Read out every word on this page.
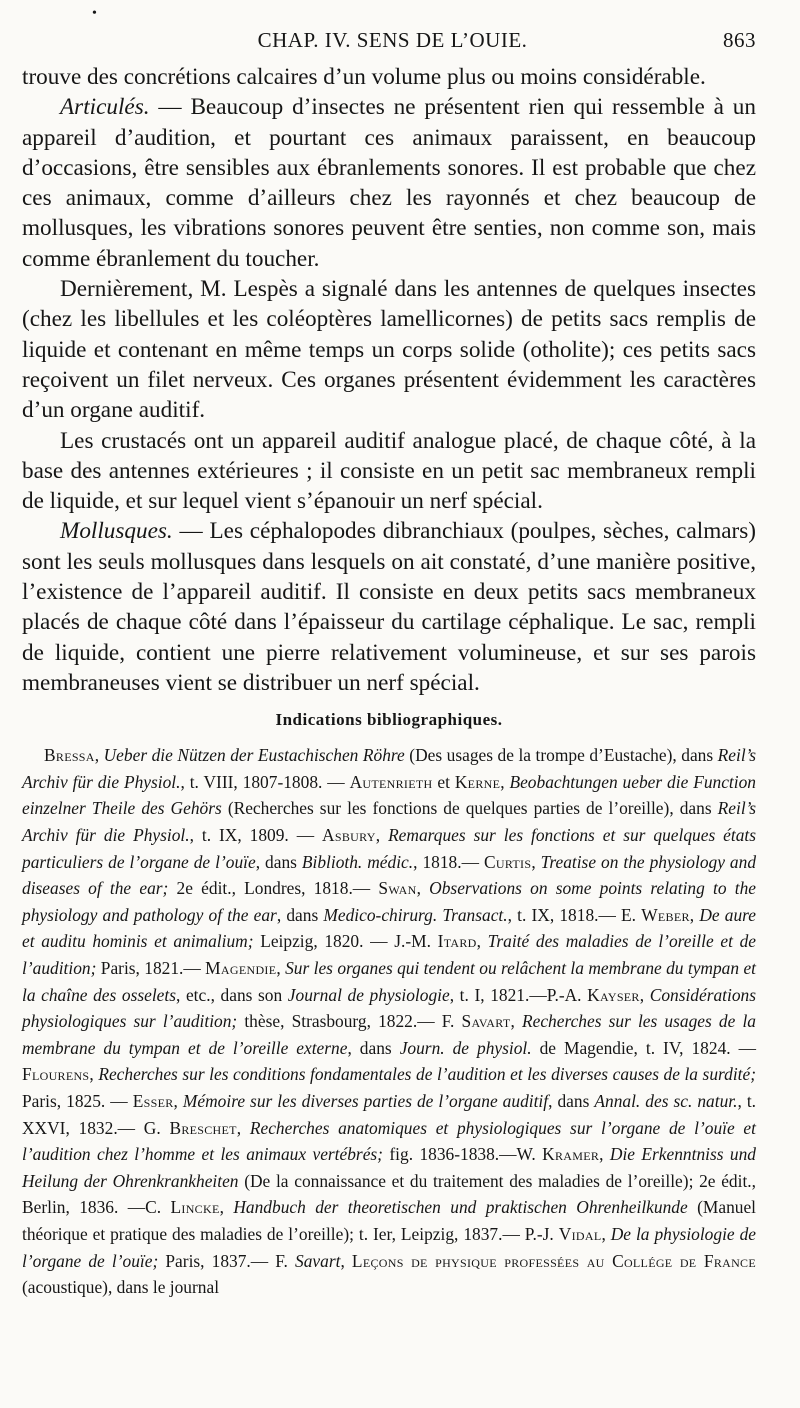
•
CHAP. IV. SENS DE L’OUIE.	863

trouve des concrétions calcaires d’un volume plus ou moins considérable.

Articulés. — Beaucoup d’insectes ne présentent rien qui ressemble à un appareil d’audition, et pourtant ces animaux paraissent, en beaucoup d’occasions, être sensibles aux ébranlements sonores. Il est probable que chez ces animaux, comme d’ailleurs chez les rayonnés et chez beaucoup de mollusques, les vibrations sonores peuvent être senties, non comme son, mais comme ébranlement du toucher.

Dernièrement, M. Lespès a signalé dans les antennes de quelques insectes (chez les libellules et les coléoptères lamellicornes) de petits sacs remplis de liquide et contenant en même temps un corps solide (otholite); ces petits sacs reçoivent un filet nerveux. Ces organes présentent évidemment les caractères d’un organe auditif.

Les crustacés ont un appareil auditif analogue placé, de chaque côté, à la base des antennes extérieures ; il consiste en un petit sac membraneux rempli de liquide, et sur lequel vient s’épanouir un nerf spécial.

Mollusques. — Les céphalopodes dibranchiaux (poulpes, sèches, calmars) sont les seuls mollusques dans lesquels on ait constaté, d’une manière positive, l’existence de l’appareil auditif. Il consiste en deux petits sacs membraneux placés de chaque côté dans l’épaisseur du cartilage céphalique. Le sac, rempli de liquide, contient une pierre relativement volumineuse, et sur ses parois membraneuses vient se distribuer un nerf spécial.

Indications bibliographiques.

Bressa, Ueber die Nützen der Eustachischen Röhre (Des usages de la trompe d’Eustache), dans Reil’s Archiv für die Physiol., t. VIII, 1807-1808. — Autenrieth et Kerne, Beobachtungen ueber die Function einzelner Theile des Gehörs (Recherches sur les fonctions de quelques parties de l’oreille), dans Reil’s Archiv für die Physiol., t. IX, 1809. — Asbury, Remarques sur les fonctions et sur quelques états particuliers de l’organe de l’ouïe, dans Biblioth. médic., 1818.— Curtis, Treatise on the physiology and diseases of the ear; 2e édit., Londres, 1818.— Swan, Observations on some points relating to the physiology and pathology of the ear, dans Medico-chirurg. Transact., t. IX, 1818.— E. Weber, De aure et auditu hominis et animalium; Leipzig, 1820. — J.-M. Itard, Traité des maladies de l’oreille et de l’audition; Paris, 1821.— Magendie, Sur les organes qui tendent ou relâchent la membrane du tympan et la chaîne des osselets, etc., dans son Journal de physiologie, t. I, 1821.—P.-A. Kayser, Considérations physiologiques sur l’audition; thèse, Strasbourg, 1822.— F. Savart, Recherches sur les usages de la membrane du tympan et de l’oreille externe, dans Journ. de physiol. de Magendie, t. IV, 1824. — Flourens, Recherches sur les conditions fondamentales de l’audition et les diverses causes de la surdité; Paris, 1825. — Esser, Mémoire sur les diverses parties de l’organe auditif, dans Annal. des sc. natur., t. XXVI, 1832.— G. Breschet, Recherches anatomiques et physiologiques sur l’organe de l’ouïe et l’audition chez l’homme et les animaux vertébrés; fig. 1836-1838.—W. Kramer, Die Erkenntniss und Heilung der Ohrenkrankheiten (De la connaissance et du traitement des maladies de l’oreille); 2e édit., Berlin, 1836. —C. Lincke, Handbuch der theoretischen und praktischen Ohrenheilkunde (Manuel théorique et pratique des maladies de l’oreille); t. Ier, Leipzig, 1837.— P.-J. Vidal, De la physiologie de l’organe de l’ouïe; Paris, 1837.— F. Savart, Leçons de physique professées au Collége de France (acoustique), dans le journal
